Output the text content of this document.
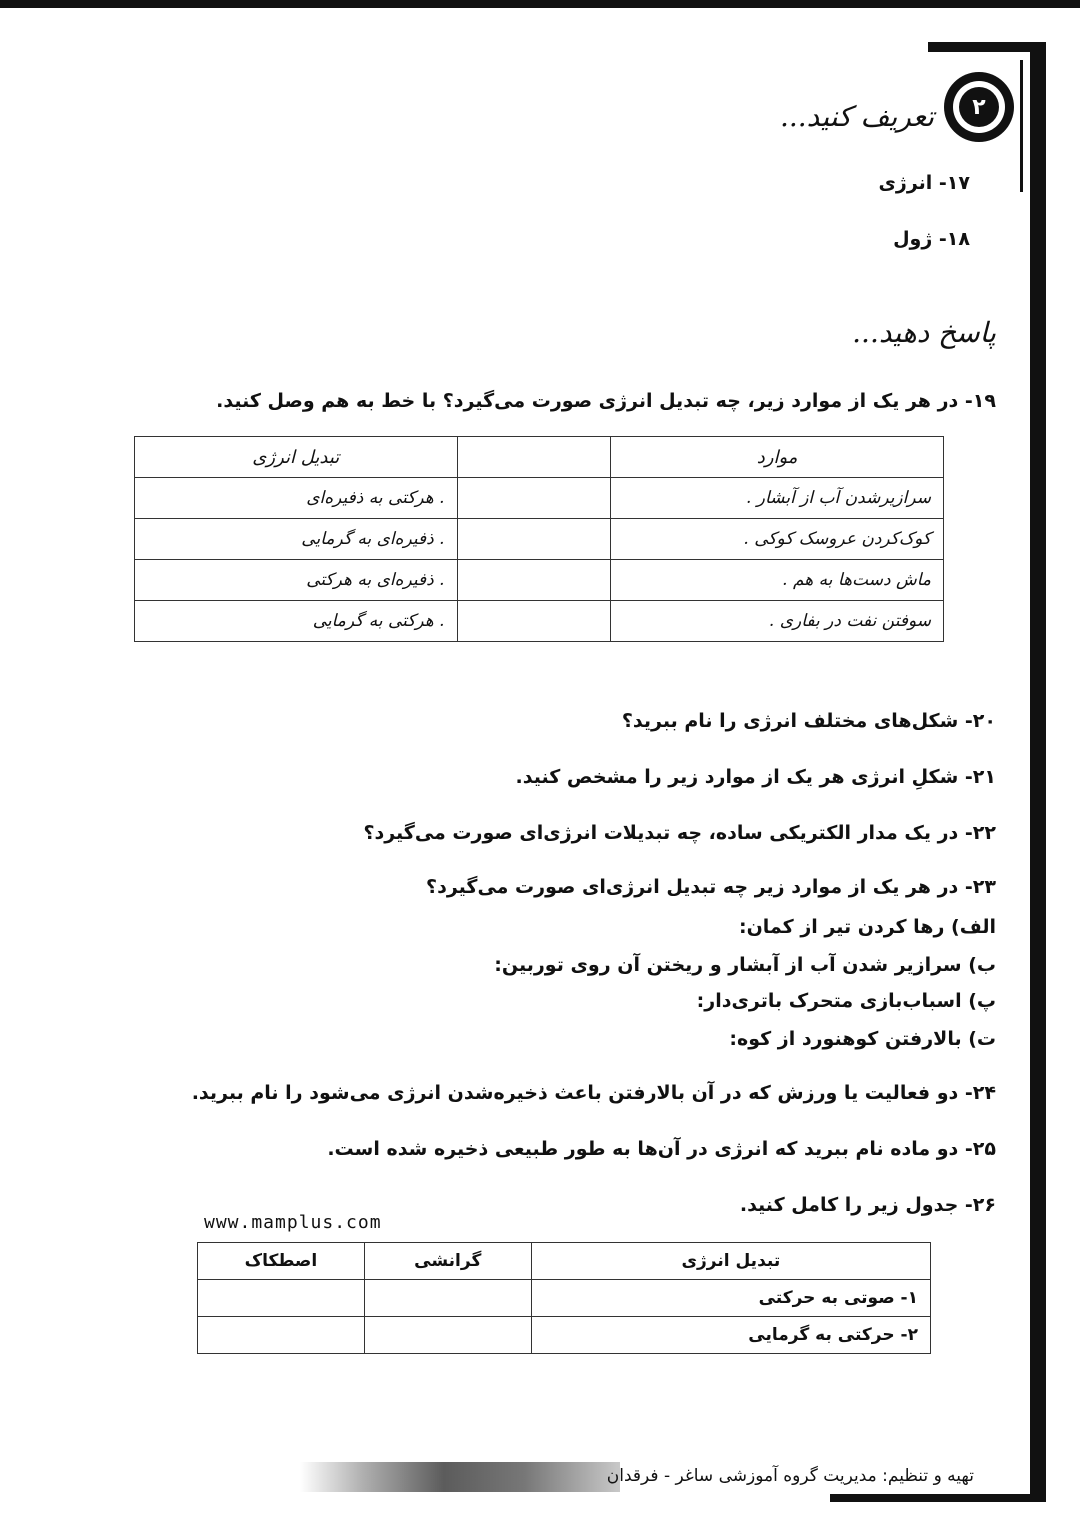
۲
تعریف کنید...
۱۷- انرژی
۱۸- ژول
پاسخ دهید...
۱۹- در هر یک از موارد زیر، چه تبدیل انرژی صورت می‌گیرد؟ با خط به هم وصل کنید.
موارد		تبدیل انرژی
سرازیرشدن آب از آبشار .		. هرکتی به ذفیره‌ای
کوک‌کردن عروسک کوکی .		. ذفیره‌ای به گرمایی
ماش دست‌ها به هم .		. ذفیره‌ای به هرکتی
سوفتن نفت در بفاری .		. هرکتی به گرمایی
۲۰- شکل‌های مختلف انرژی را نام ببرید؟
۲۱- شکلِ انرژی هر یک از موارد زیر را مشخص کنید.
۲۲- در یک مدار الکتریکی ساده، چه تبدیلات انرژی‌ای صورت می‌گیرد؟
۲۳- در هر یک از موارد زیر چه تبدیل انرژی‌ای صورت می‌گیرد؟
الف) رها کردن تیر از کمان:
ب) سرازیر شدن آب از آبشار و ریختن آن روی توربین:
پ) اسباب‌بازی متحرک باتری‌دار:
ت) بالارفتن کوهنورد از کوه:
۲۴- دو فعالیت یا ورزش که در آن بالارفتن باعث ذخیره‌شدن انرژی می‌شود را نام ببرید.
۲۵- دو ماده نام ببرید که انرژی در آن‌ها به طور طبیعی ذخیره شده است.
۲۶- جدول زیر را کامل کنید.
www.mamplus.com
تبدیل انرژی	گرانشی	اصطکاک
۱- صوتی به حرکتی		
۲- حرکتی به گرمایی		
تهیه و تنظیم: مدیریت گروه آموزشی ساغر - فرقدان
